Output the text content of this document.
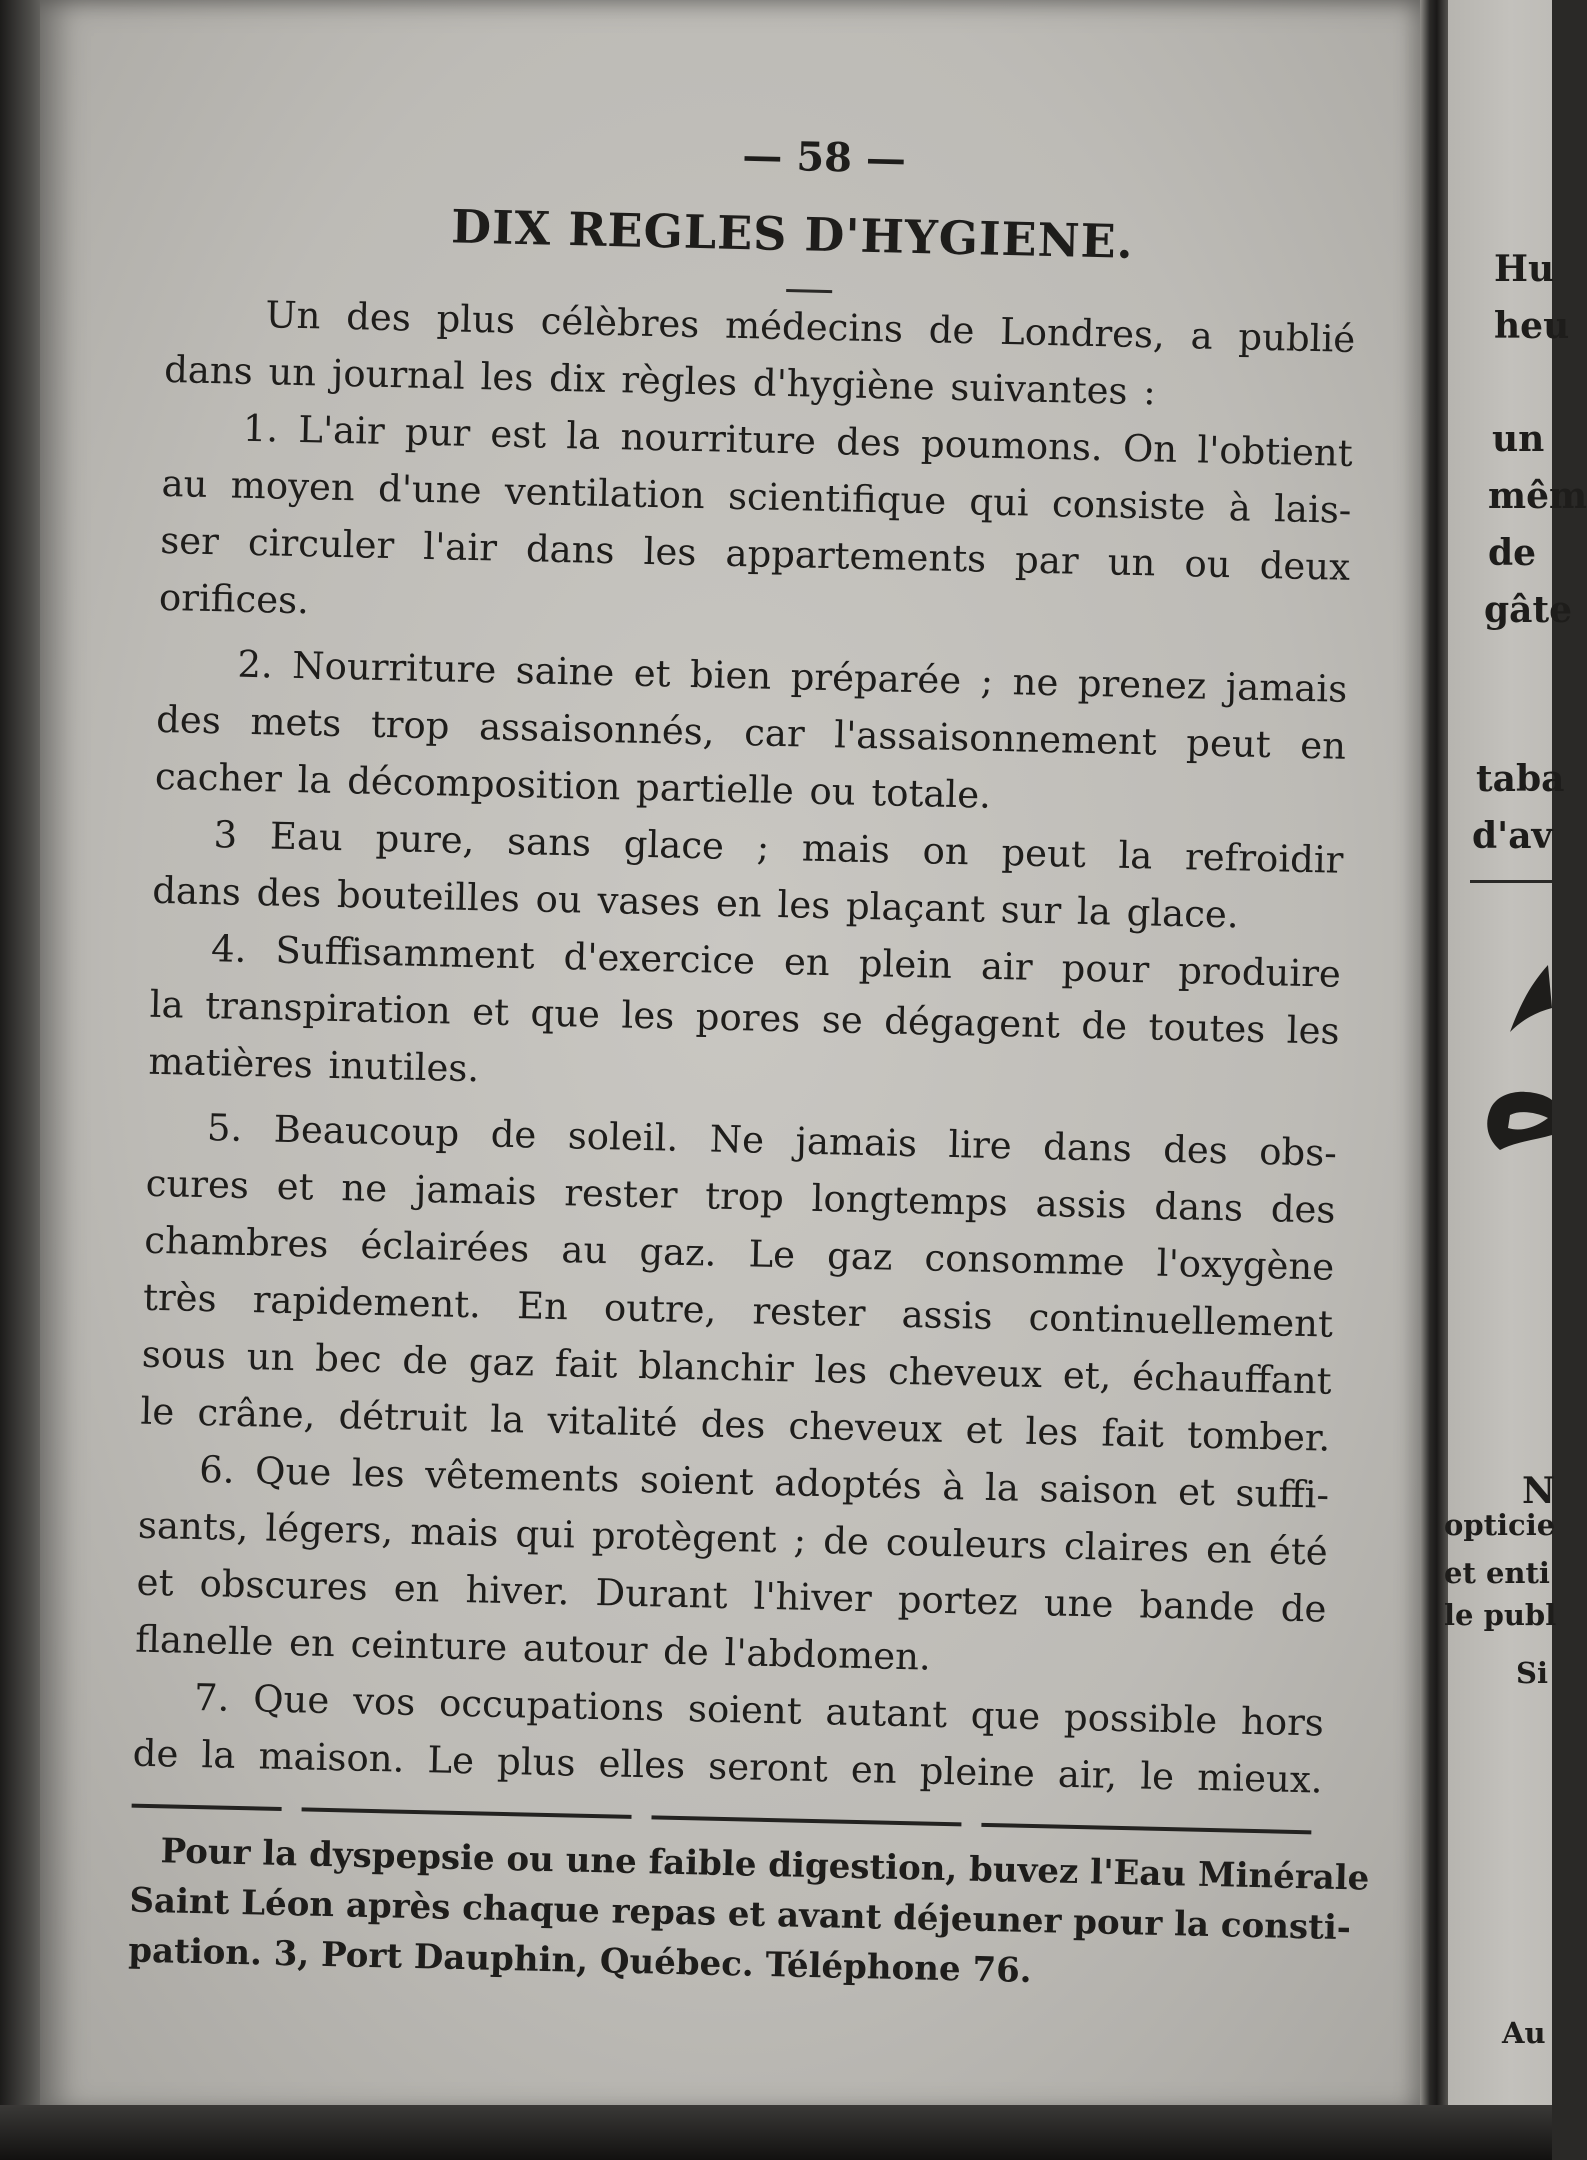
— 58 —
DIX REGLES D'HYGIENE.
Un des plus célèbres médecins de Londres, a publié
dans un journal les dix règles d'hygiène suivantes :
1. L'air pur est la nourriture des poumons. On l'obtient
au moyen d'une ventilation scientifique qui consiste à lais-
ser circuler l'air dans les appartements par un ou deux
orifices.
2. Nourriture saine et bien préparée ; ne prenez jamais
des mets trop assaisonnés, car l'assaisonnement peut en
cacher la décomposition partielle ou totale.
3 Eau pure, sans glace ; mais on peut la refroidir
dans des bouteilles ou vases en les plaçant sur la glace.
4. Suffisamment d'exercice en plein air pour produire
la transpiration et que les pores se dégagent de toutes les
matières inutiles.
5. Beaucoup de soleil. Ne jamais lire dans des obs-
cures et ne jamais rester trop longtemps assis dans des
chambres éclairées au gaz. Le gaz consomme l'oxygène
très rapidement. En outre, rester assis continuellement
sous un bec de gaz fait blanchir les cheveux et, échauffant
le crâne, détruit la vitalité des cheveux et les fait tomber.
6. Que les vêtements soient adoptés à la saison et suffi-
sants, légers, mais qui protègent ; de couleurs claires en été
et obscures en hiver. Durant l'hiver portez une bande de
flanelle en ceinture autour de l'abdomen.
7. Que vos occupations soient autant que possible hors
de la maison. Le plus elles seront en pleine air, le mieux.
Pour la dyspepsie ou une faible digestion, buvez l'Eau Minérale
Saint Léon après chaque repas et avant déjeuner pour la consti-
pation. 3, Port Dauphin, Québec. Téléphone 76.
Hu
heu
un
mêm
de
gâte
taba
d'av
N
opticie
et enti
le publ
Si
Au
